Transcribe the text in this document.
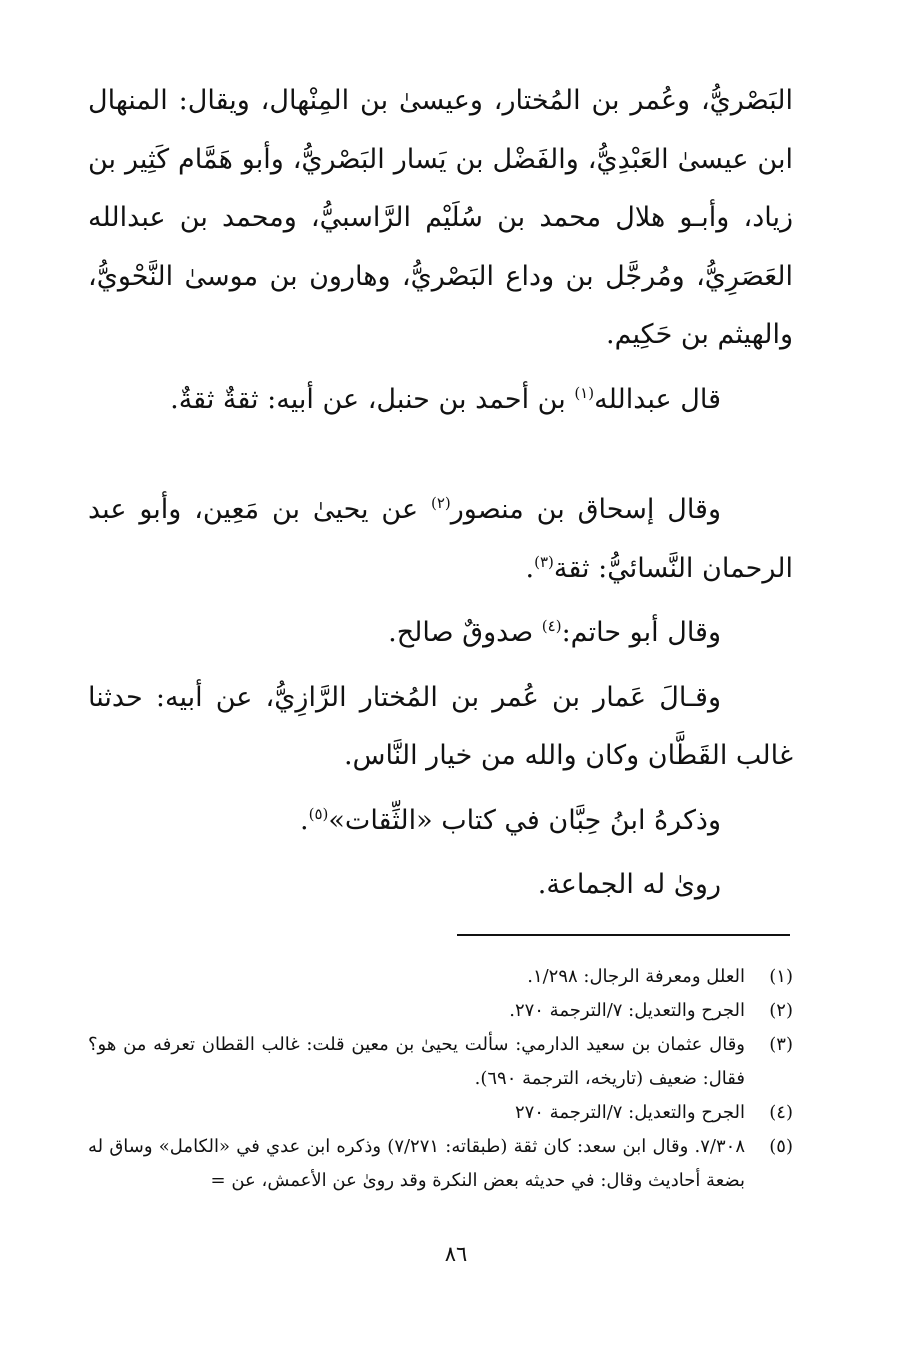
البَصْريُّ، وعُمر بن المُختار، وعيسىٰ بن المِنْهال، ويقال: المنهال ابن عيسىٰ العَبْدِيُّ، والفَضْل بن يَسار البَصْريُّ، وأبو هَمَّام كَثِير بن زياد، وأبـو هلال محمد بن سُلَيْم الرَّاسبيُّ، ومحمد بن عبدالله العَصَرِيُّ، ومُرجَّل بن وداع البَصْريُّ، وهارون بن موسىٰ النَّحْويُّ، والهيثم بن حَكِيم.

قال عبدالله$^{(١)}$ بن أحمد بن حنبل، عن أبيه: ثقةٌ ثقةٌ.

وقال إسحاق بن منصور$^{(٢)}$ عن يحيىٰ بن مَعِين، وأبو عبد الرحمان النَّسائيُّ: ثقة$^{(٣)}$.

وقال أبو حاتم:$^{(٤)}$ صدوقٌ صالح.

وقـالَ عَمار بن عُمر بن المُختار الرَّازِيُّ، عن أبيه: حدثنا غالب القَطَّان وكان والله من خيار النَّاس.

وذكرهُ ابنُ حِبَّان في كتاب «الثِّقات»$^{(٥)}$.

روىٰ له الجماعة.

(١)
العلل ومعرفة الرجال: ١/٢٩٨.
(٢)
الجرح والتعديل: ٧/الترجمة ٢٧٠.
(٣)
وقال عثمان بن سعيد الدارمي: سألت يحيىٰ بن معين قلت: غالب القطان تعرفه من هو؟ فقال: ضعيف (تاريخه، الترجمة ٦٩٠).
(٤)
الجرح والتعديل: ٧/الترجمة ٢٧٠
(٥)
٧/٣٠٨. وقال ابن سعد: كان ثقة (طبقاته: ٧/٢٧١) وذكره ابن عدي في «الكامل» وساق له بضعة أحاديث وقال: في حديثه بعض النكرة وقد روىٰ عن الأعمش، عن =
٨٦
